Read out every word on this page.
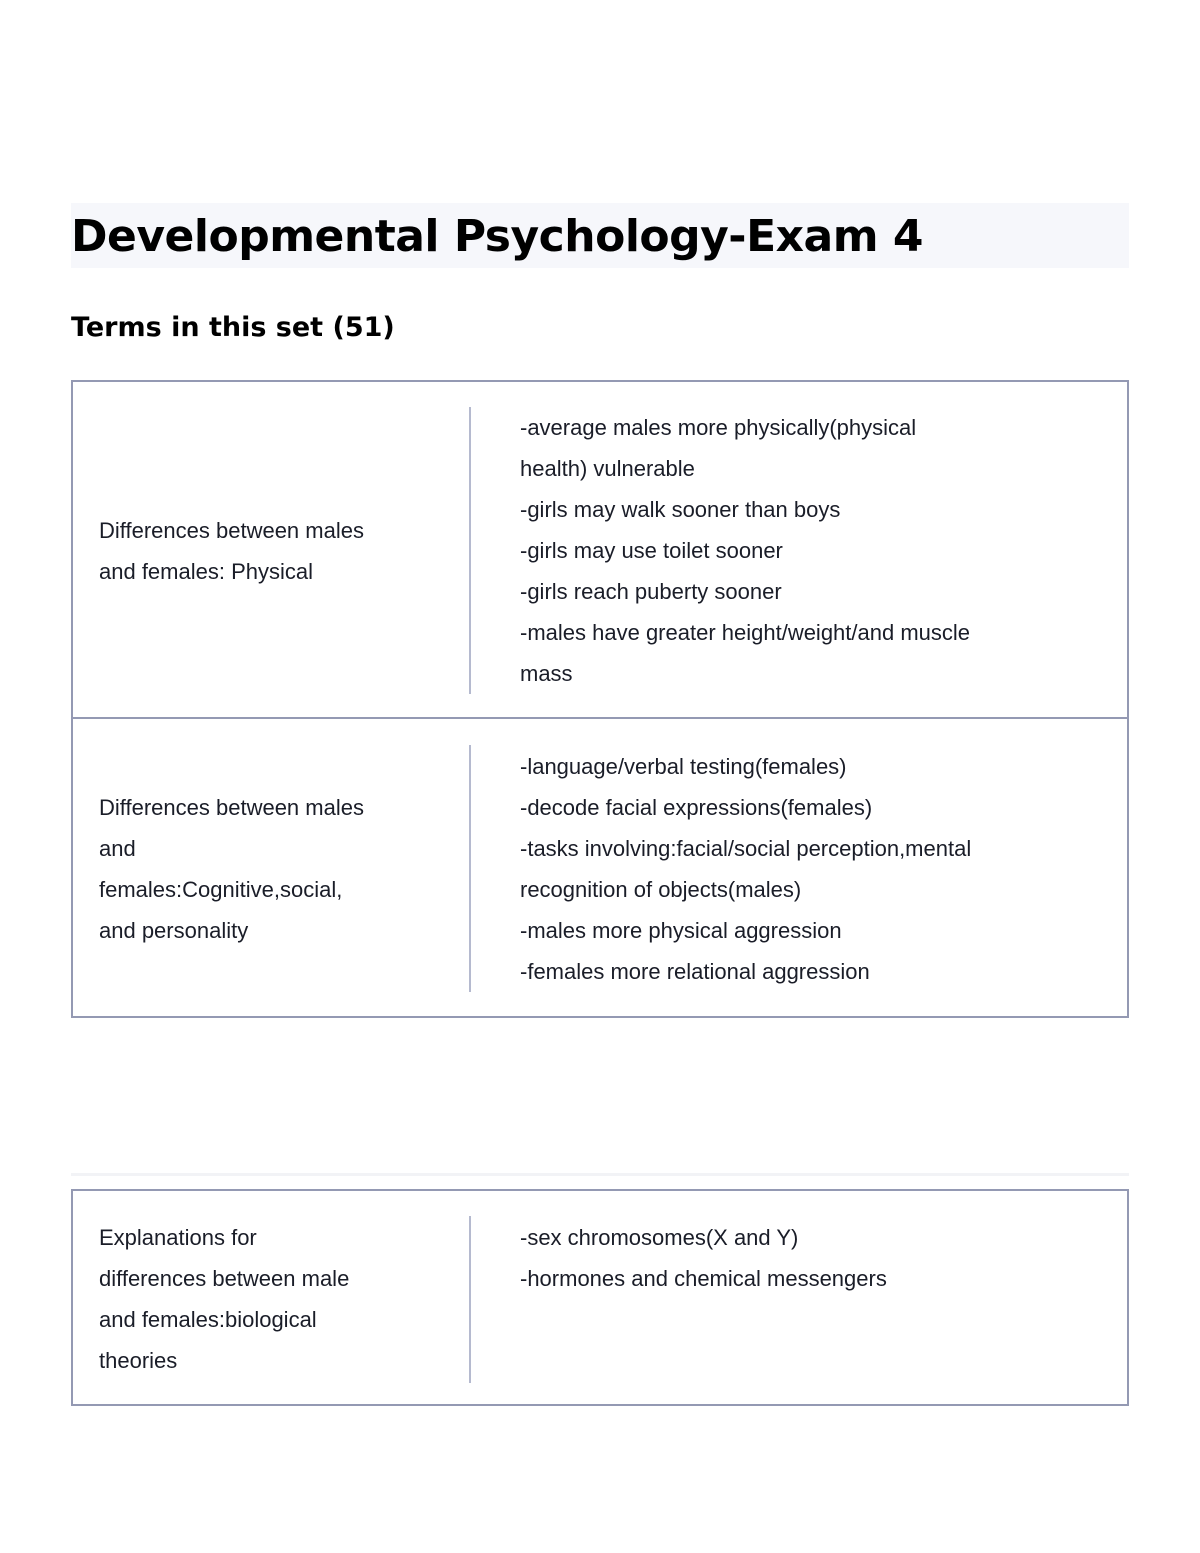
Developmental Psychology-Exam 4
Terms in this set (51)
Differences between males
and females: Physical
-average males more physically(physical
health) vulnerable
-girls may walk sooner than boys
-girls may use toilet sooner
-girls reach puberty sooner
-males have greater height/weight/and muscle
mass
Differences between males
and
females:Cognitive,social,
and personality
-language/verbal testing(females)
-decode facial expressions(females)
-tasks involving:facial/social perception,mental
recognition of objects(males)
-males more physical aggression
-females more relational aggression
Explanations for
differences between male
and females:biological
theories
-sex chromosomes(X and Y)
-hormones and chemical messengers
